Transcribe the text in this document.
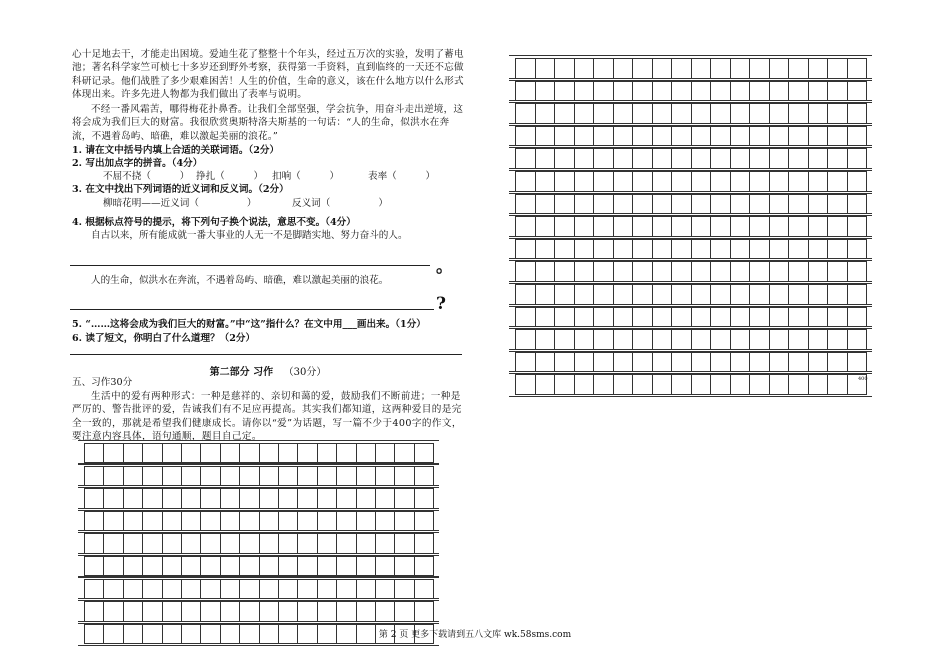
心十足地去干，才能走出困境。爱迪生花了整整十个年头，经过五万次的实验，发明了蓄电池；著名科学家竺可桢七十多岁还到野外考察，获得第一手资料，直到临终的一天还不忘做科研记录。他们战胜了多少艰难困苦！人生的价值，生命的意义，该在什么地方以什么形式体现出来。许多先进人物都为我们做出了表率与说明。
不经一番风霜苦，哪得梅花扑鼻香。让我们全部坚强，学会抗争，用奋斗走出逆境，这将会成为我们巨大的财富。我很欣赏奥斯特洛夫斯基的一句话：“人的生命，似洪水在奔流，不遇着岛屿、暗礁，难以激起美丽的浪花。”
1. 请在文中括号内填上合适的关联词语。（2分）
2. 写出加点字的拼音。（4分）
不屈不挠（　　　） 挣扎（　　　） 扣响（　　　）	表率（　　　）
3. 在文中找出下列词语的近义词和反义词。（2分）
柳暗花明——近义词（　　　　　）	反义词（　　　　　）
4. 根据标点符号的提示，将下列句子换个说法，意思不变。（4分）
自古以来，所有能成就一番大事业的人无一不是脚踏实地、努力奋斗的人。
。
人的生命，似洪水在奔流，不遇着岛屿、暗礁，难以激起美丽的浪花。
?
5. “……这将会成为我们巨大的财富。”中“这”指什么？在文中用___画出来。（1分）
6. 读了短文，你明白了什么道理？（2分）
第二部分 习作 （30分）
五、习作30分
生活中的爱有两种形式：一种是慈祥的、亲切和蔼的爱，鼓励我们不断前进；一种是严厉的、警告批评的爱，告诫我们有不足应再提高。其实我们都知道，这两种爱目的是完全一致的，那就是希望我们健康成长。请你以“爱”为话题，写一篇不少于400字的作文，要注意内容具体，语句通顺，题目自己定。
400
第 2 页 更多下载请到五八文库 wk.58sms.com
